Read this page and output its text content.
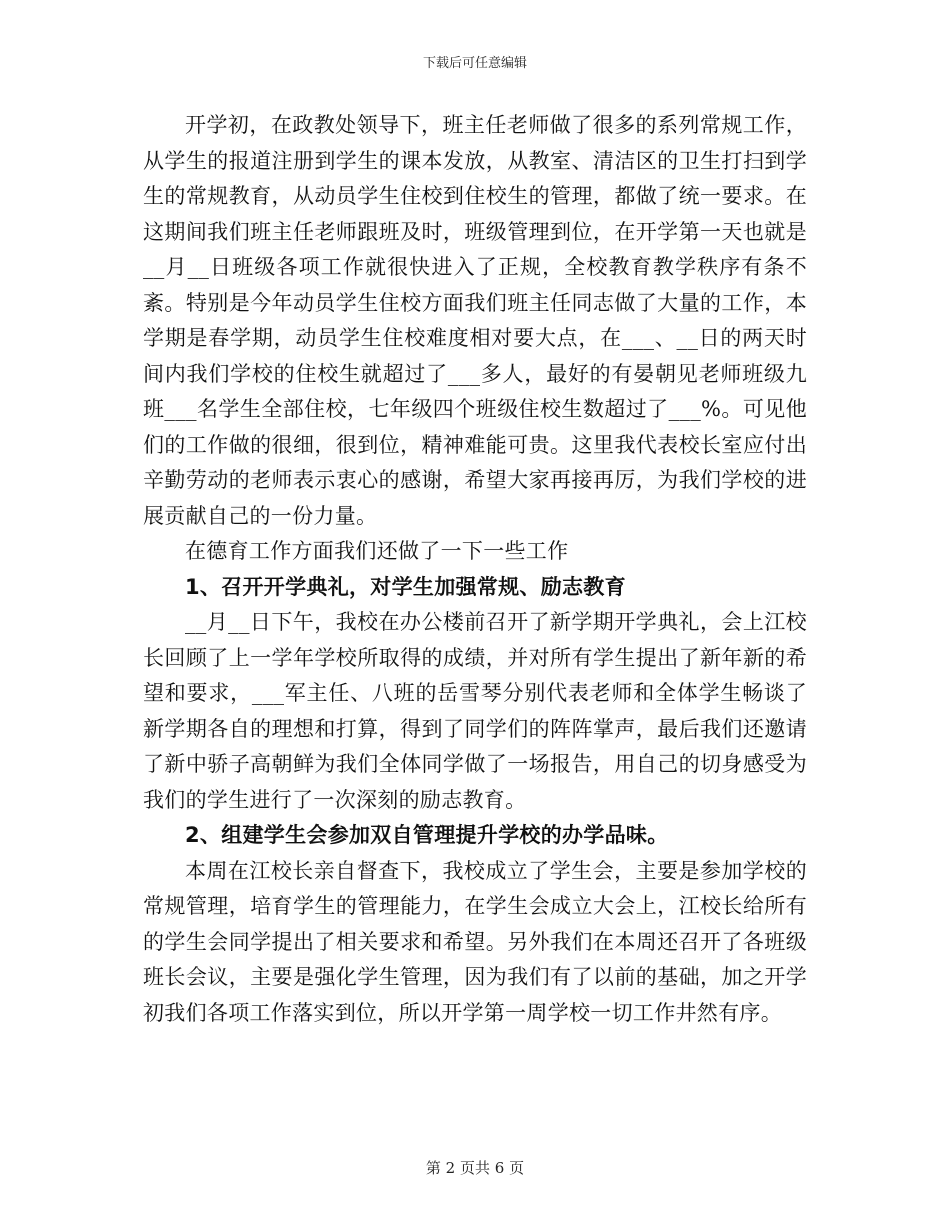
下载后可任意编辑

开学初，在政教处领导下，班主任老师做了很多的系列常规工作，从学生的报道注册到学生的课本发放，从教室、清洁区的卫生打扫到学生的常规教育，从动员学生住校到住校生的管理，都做了统一要求。在这期间我们班主任老师跟班及时，班级管理到位，在开学第一天也就是__月__日班级各项工作就很快进入了正规，全校教育教学秩序有条不紊。特别是今年动员学生住校方面我们班主任同志做了大量的工作，本学期是春学期，动员学生住校难度相对要大点，在___、__日的两天时间内我们学校的住校生就超过了___多人，最好的有晏朝见老师班级九班___名学生全部住校，七年级四个班级住校生数超过了___%。可见他们的工作做的很细，很到位，精神难能可贵。这里我代表校长室应付出辛勤劳动的老师表示衷心的感谢，希望大家再接再厉，为我们学校的进展贡献自己的一份力量。

在德育工作方面我们还做了一下一些工作

1、召开开学典礼，对学生加强常规、励志教育

__月__日下午，我校在办公楼前召开了新学期开学典礼，会上江校长回顾了上一学年学校所取得的成绩，并对所有学生提出了新年新的希望和要求，___军主任、八班的岳雪琴分别代表老师和全体学生畅谈了新学期各自的理想和打算，得到了同学们的阵阵掌声，最后我们还邀请了新中骄子高朝鲜为我们全体同学做了一场报告，用自己的切身感受为我们的学生进行了一次深刻的励志教育。

2、组建学生会参加双自管理提升学校的办学品味。

本周在江校长亲自督查下，我校成立了学生会，主要是参加学校的常规管理，培育学生的管理能力，在学生会成立大会上，江校长给所有的学生会同学提出了相关要求和希望。另外我们在本周还召开了各班级班长会议，主要是强化学生管理，因为我们有了以前的基础，加之开学初我们各项工作落实到位，所以开学第一周学校一切工作井然有序。

第 2 页共 6 页
